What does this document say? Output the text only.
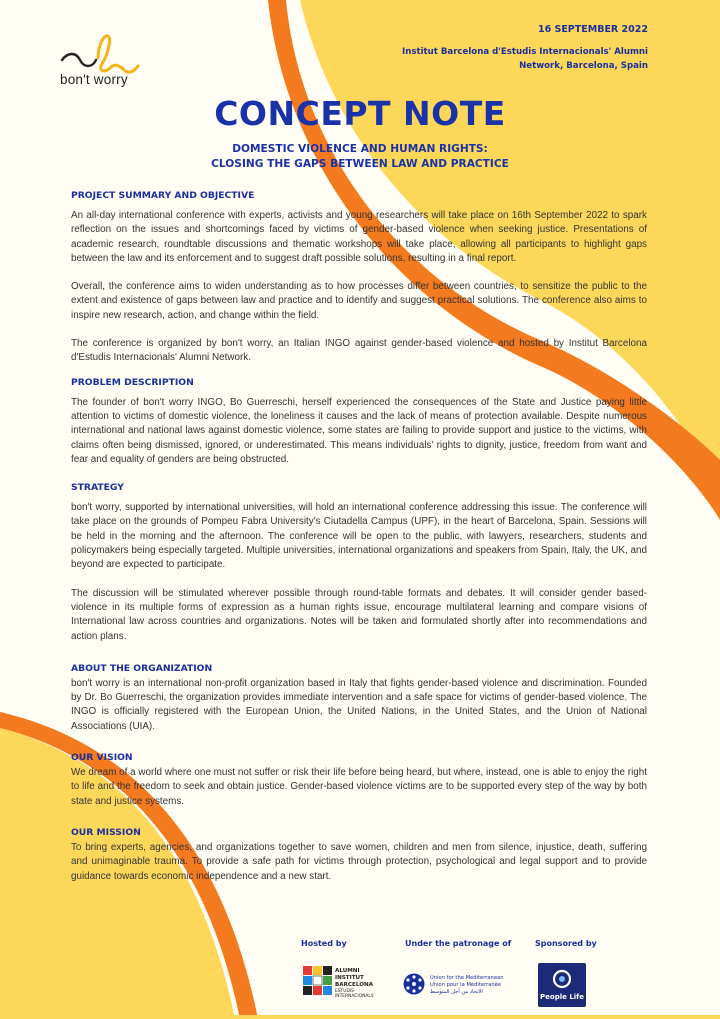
bon't worry
16 SEPTEMBER 2022
Institut Barcelona d'Estudis Internacionals' Alumni Network, Barcelona, Spain
CONCEPT NOTE
DOMESTIC VIOLENCE AND HUMAN RIGHTS:
CLOSING THE GAPS BETWEEN LAW AND PRACTICE
PROJECT SUMMARY AND OBJECTIVE

An all-day international conference with experts, activists and young researchers will take place on 16th September 2022 to spark reflection on the issues and shortcomings faced by victims of gender-based violence when seeking justice. Presentations of academic research, roundtable discussions and thematic workshops will take place, allowing all participants to highlight gaps between the law and its enforcement and to suggest draft possible solutions, resulting in a final report.

Overall, the conference aims to widen understanding as to how processes differ between countries, to sensitize the public to the extent and existence of gaps between law and practice and to identify and suggest practical solutions. The conference also aims to inspire new research, action, and change within the field.

The conference is organized by bon't worry, an Italian INGO against gender-based violence and hosted by Institut Barcelona d'Estudis Internacionals' Alumni Network.

PROBLEM DESCRIPTION

The founder of bon't worry INGO, Bo Guerreschi, herself experienced the consequences of the State and Justice paying little attention to victims of domestic violence, the loneliness it causes and the lack of means of protection available. Despite numerous international and national laws against domestic violence, some states are failing to provide support and justice to the victims, with claims often being dismissed, ignored, or underestimated. This means individuals' rights to dignity, justice, freedom from want and fear and equality of genders are being obstructed.

STRATEGY

bon't worry, supported by international universities, will hold an international conference addressing this issue. The conference will take place on the grounds of Pompeu Fabra University's Ciutadella Campus (UPF), in the heart of Barcelona, Spain. Sessions will be held in the morning and the afternoon. The conference will be open to the public, with lawyers, researchers, students and policymakers being especially targeted. Multiple universities, international organizations and speakers from Spain, Italy, the UK, and beyond are expected to participate.

The discussion will be stimulated wherever possible through round-table formats and debates. It will consider gender based-violence in its multiple forms of expression as a human rights issue, encourage multilateral learning and compare visions of International law across countries and organizations. Notes will be taken and formulated shortly after into recommendations and action plans.

ABOUT THE ORGANIZATION

bon't worry is an international non-profit organization based in Italy that fights gender-based violence and discrimination. Founded by Dr. Bo Guerreschi, the organization provides immediate intervention and a safe space for victims of gender-based violence. The INGO is officially registered with the European Union, the United Nations, in the United States, and the Union of National Associations (UIA).

OUR VISION

We dream of a world where one must not suffer or risk their life before being heard, but where, instead, one is able to enjoy the right to life and the freedom to seek and obtain justice. Gender-based violence victims are to be supported every step of the way by both state and justice systems.

OUR MISSION

To bring experts, agencies, and organizations together to save women, children and men from silence, injustice, death, suffering and unimaginable trauma. To provide a safe path for victims through protection, psychological and legal support and to provide guidance towards economic independence and a new start.

Hosted by	Under the patronage of	Sponsored by
ALUMNI
INSTITUT
BARCELONA
ESTUDIS
INTERNACIONALS
Union for the Mediterranean
Union pour la Méditerranée
الاتحاد من أجل المتوسط
People Life
